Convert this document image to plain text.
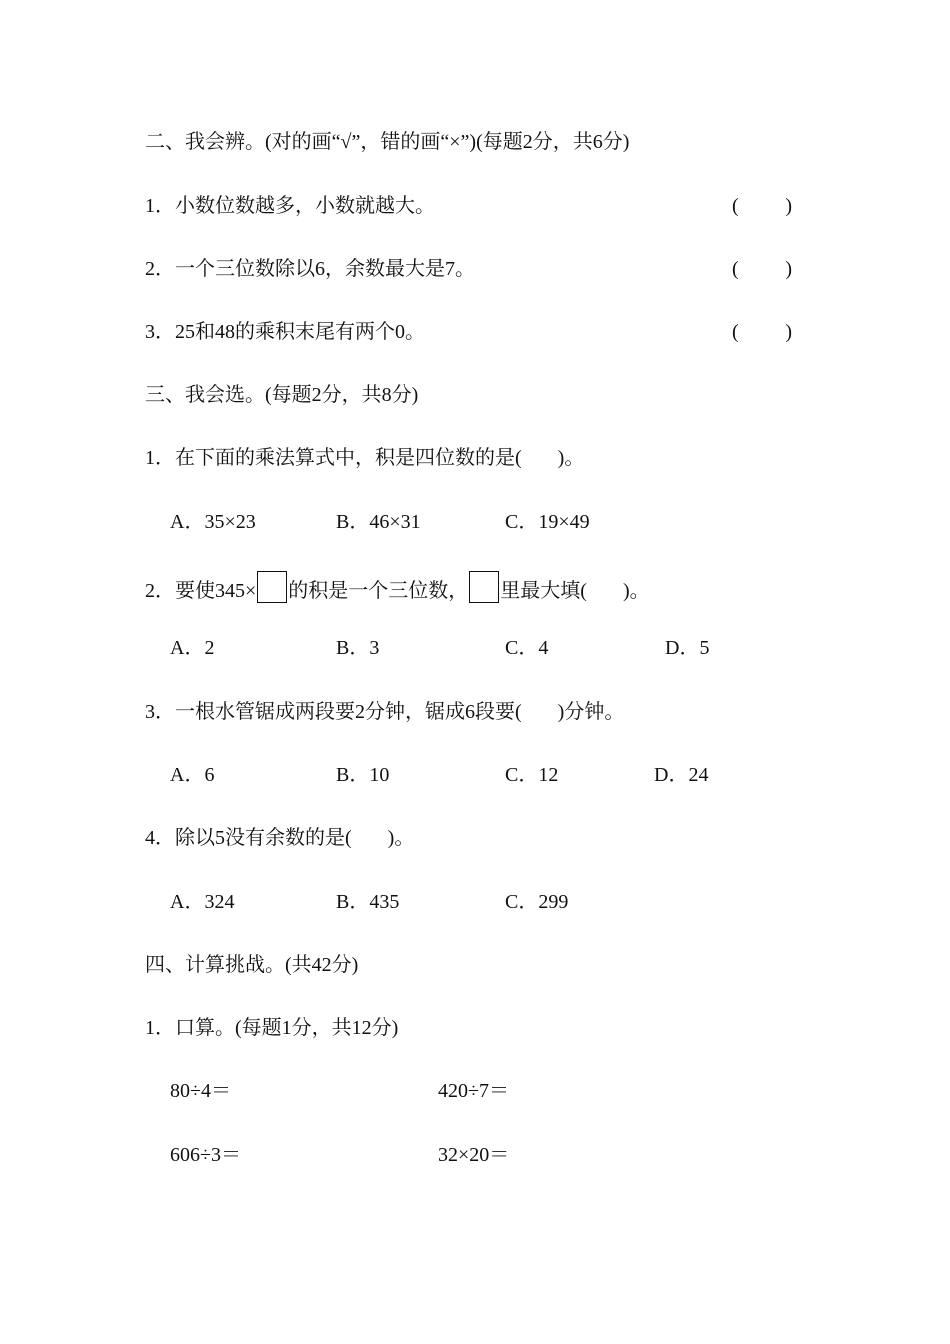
二、我会辨。(对的画“√”，错的画“×”)(每题2分，共6分)
1．小数位数越多，小数就越大。	( )
2．一个三位数除以6，余数最大是7。	( )
3．25和48的乘积末尾有两个0。	( )
三、我会选。(每题2分，共8分)
1．在下面的乘法算式中，积是四位数的是( )。
A．35×23	B．46×31	C．19×49
2．要使345× 的积是一个三位数， 里最大填( )。
A．2	B．3	C．4	D．5
3．一根水管锯成两段要2分钟，锯成6段要( )分钟。
A．6	B．10	C．12	D．24
4．除以5没有余数的是( )。
A．324	B．435	C．299
四、计算挑战。(共42分)
1．口算。(每题1分，共12分)
80÷4＝	420÷7＝
606÷3＝	32×20＝
